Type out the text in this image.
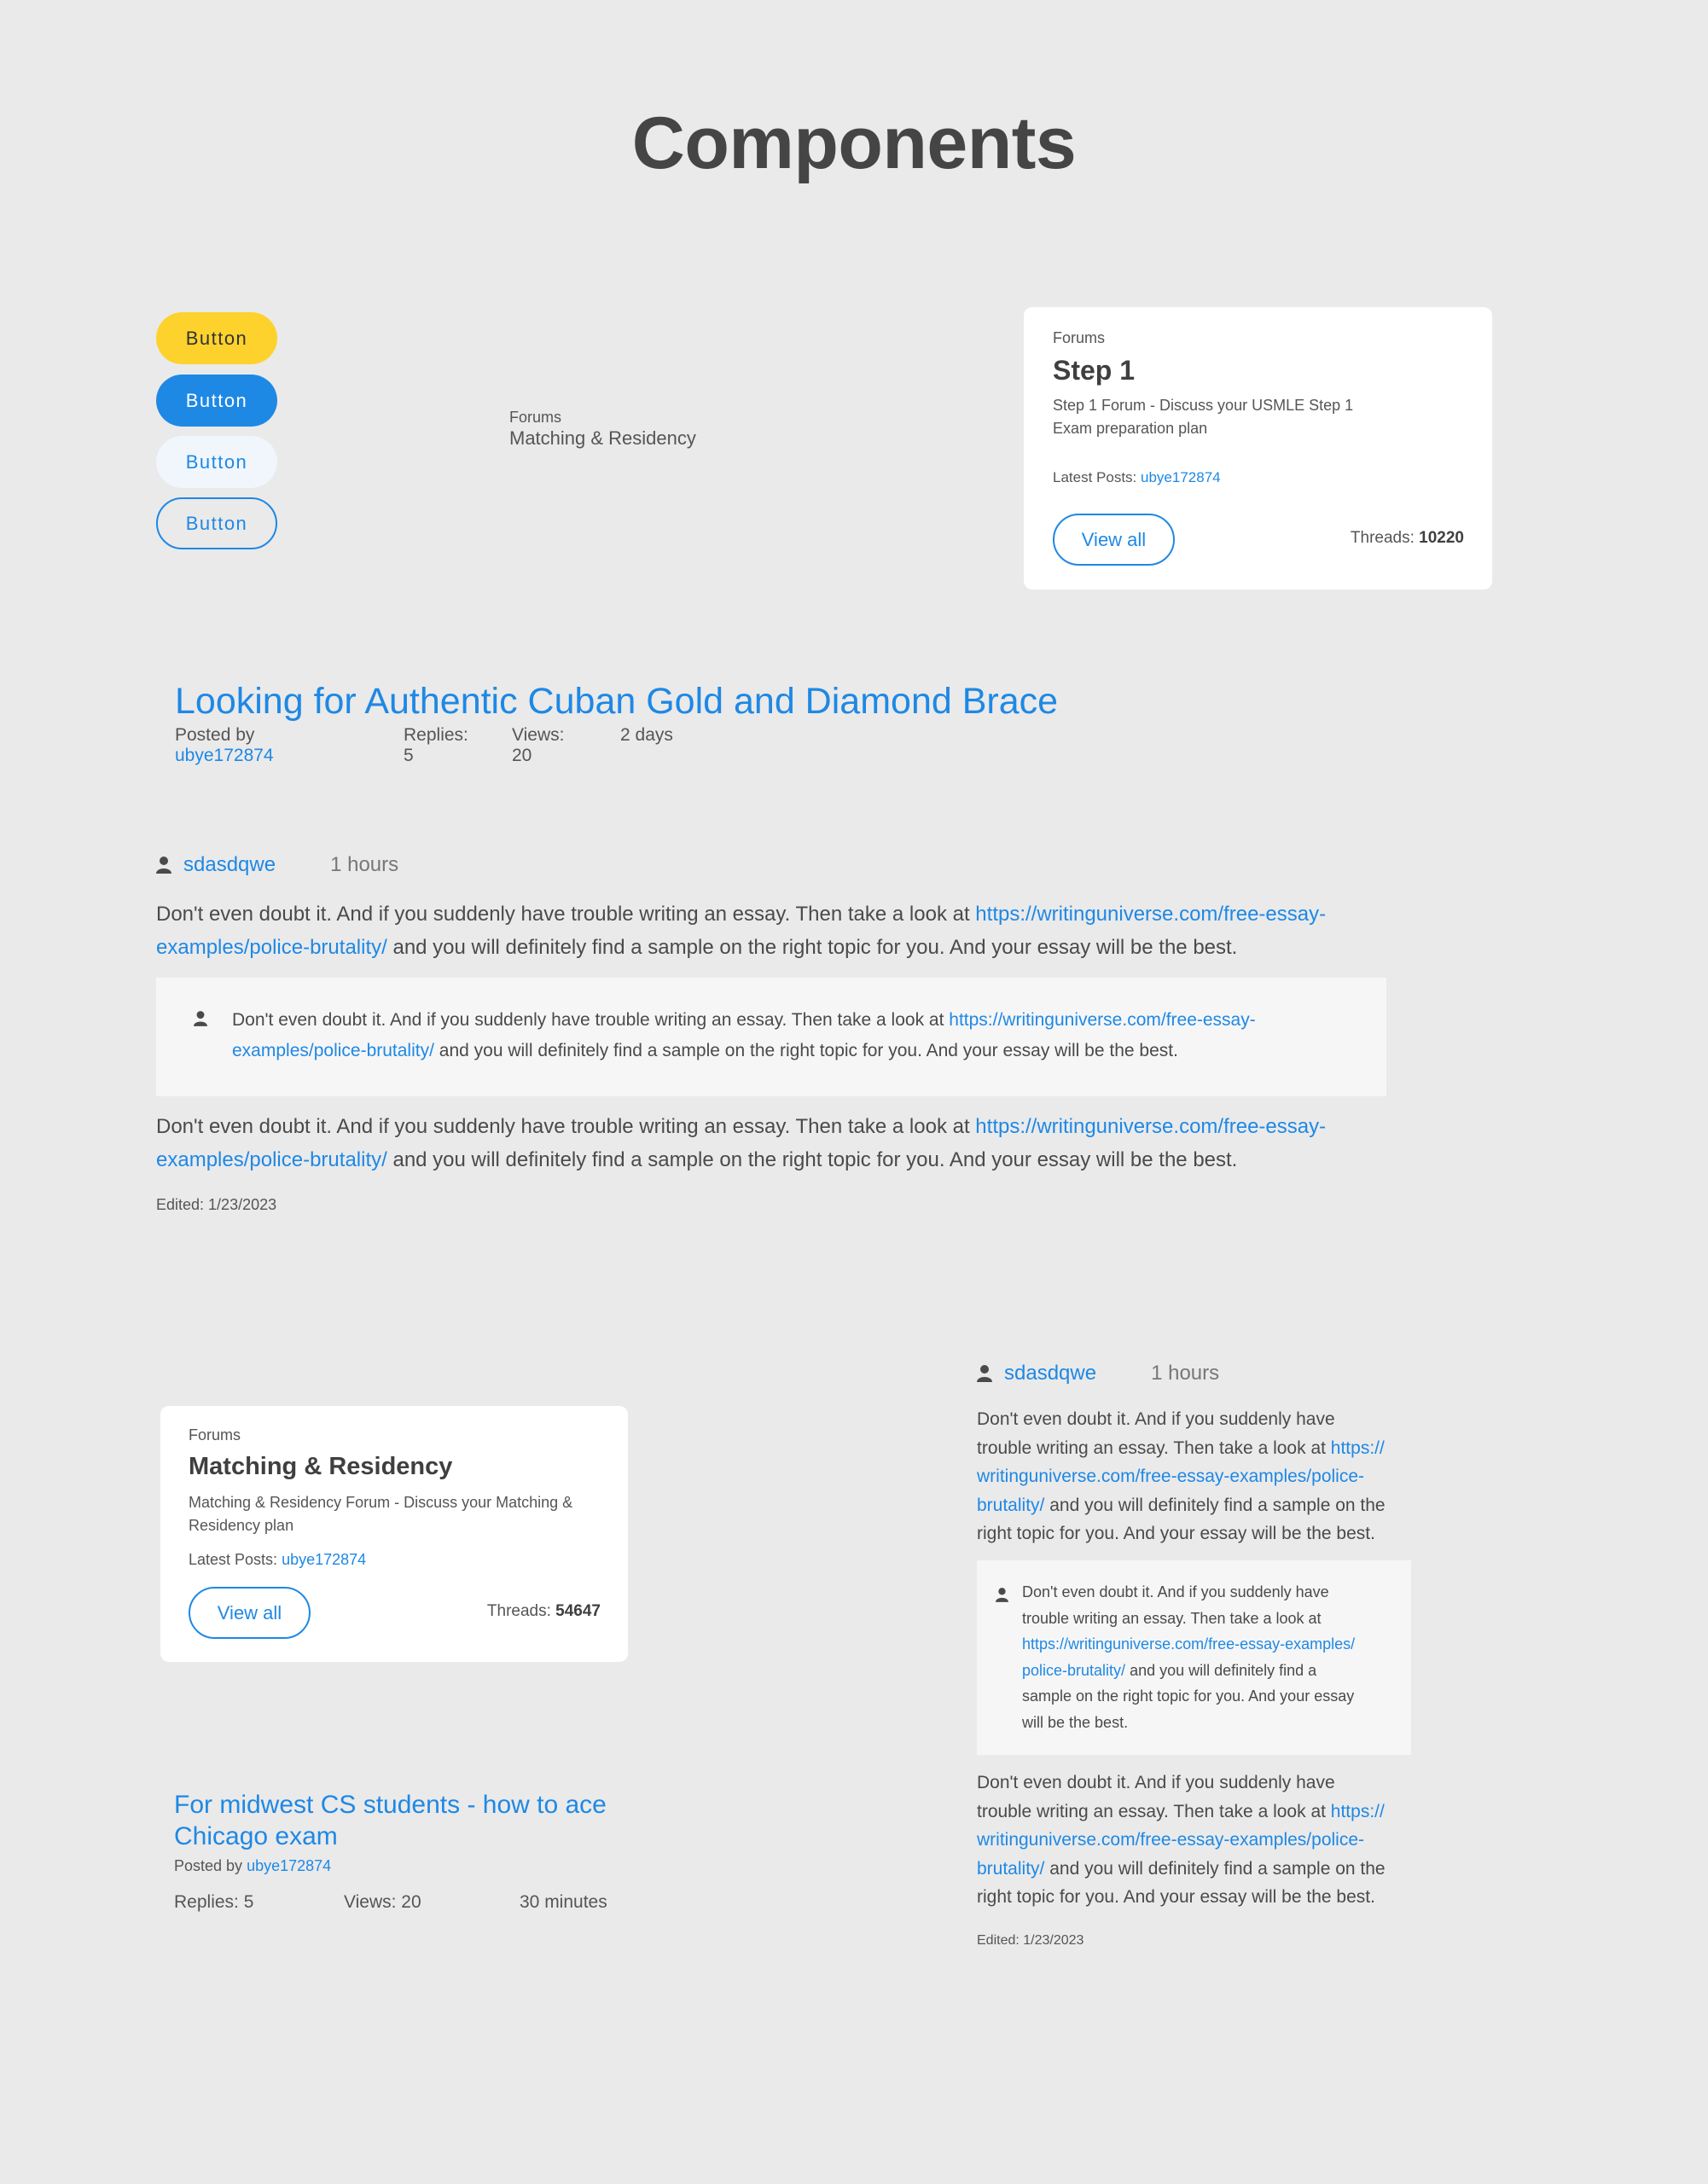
Components
Button
Button
Button
Button
Forums
Matching & Residency
Forums
Step 1
Step 1 Forum - Discuss your USMLE Step 1 Exam preparation plan
Latest Posts: ubye172874
View all	Threads: 10220
Looking for Authentic Cuban Gold and Diamond Brace
Posted by ubye172874
Replies: 5
Views: 20
2 days
sdasdqwe	1 hours
Don't even doubt it. And if you suddenly have trouble writing an essay. Then take a look at https://writinguniverse.com/free-essay-
examples/police-brutality/ and you will definitely find a sample on the right topic for you. And your essay will be the best.
Don't even doubt it. And if you suddenly have trouble writing an essay. Then take a look at https://writinguniverse.com/free-essay-
examples/police-brutality/ and you will definitely find a sample on the right topic for you. And your essay will be the best.
Don't even doubt it. And if you suddenly have trouble writing an essay. Then take a look at https://writinguniverse.com/free-essay-
examples/police-brutality/ and you will definitely find a sample on the right topic for you. And your essay will be the best.
Edited: 1/23/2023
Forums
Matching & Residency
Matching & Residency Forum - Discuss your Matching & Residency plan
Latest Posts: ubye172874
View all	Threads: 54647
For midwest CS students - how to ace Chicago exam
Posted by ubye172874
Replies: 5	Views: 20	30 minutes
sdasdqwe	1 hours
Don't even doubt it. And if you suddenly have
trouble writing an essay. Then take a look at https://
writinguniverse.com/free-essay-examples/police-
brutality/ and you will definitely find a sample on the
right topic for you. And your essay will be the best.
Don't even doubt it. And if you suddenly have
trouble writing an essay. Then take a look at
https://writinguniverse.com/free-essay-examples/
police-brutality/ and you will definitely find a
sample on the right topic for you. And your essay
will be the best.
Don't even doubt it. And if you suddenly have
trouble writing an essay. Then take a look at https://
writinguniverse.com/free-essay-examples/police-
brutality/ and you will definitely find a sample on the
right topic for you. And your essay will be the best.
Edited: 1/23/2023
